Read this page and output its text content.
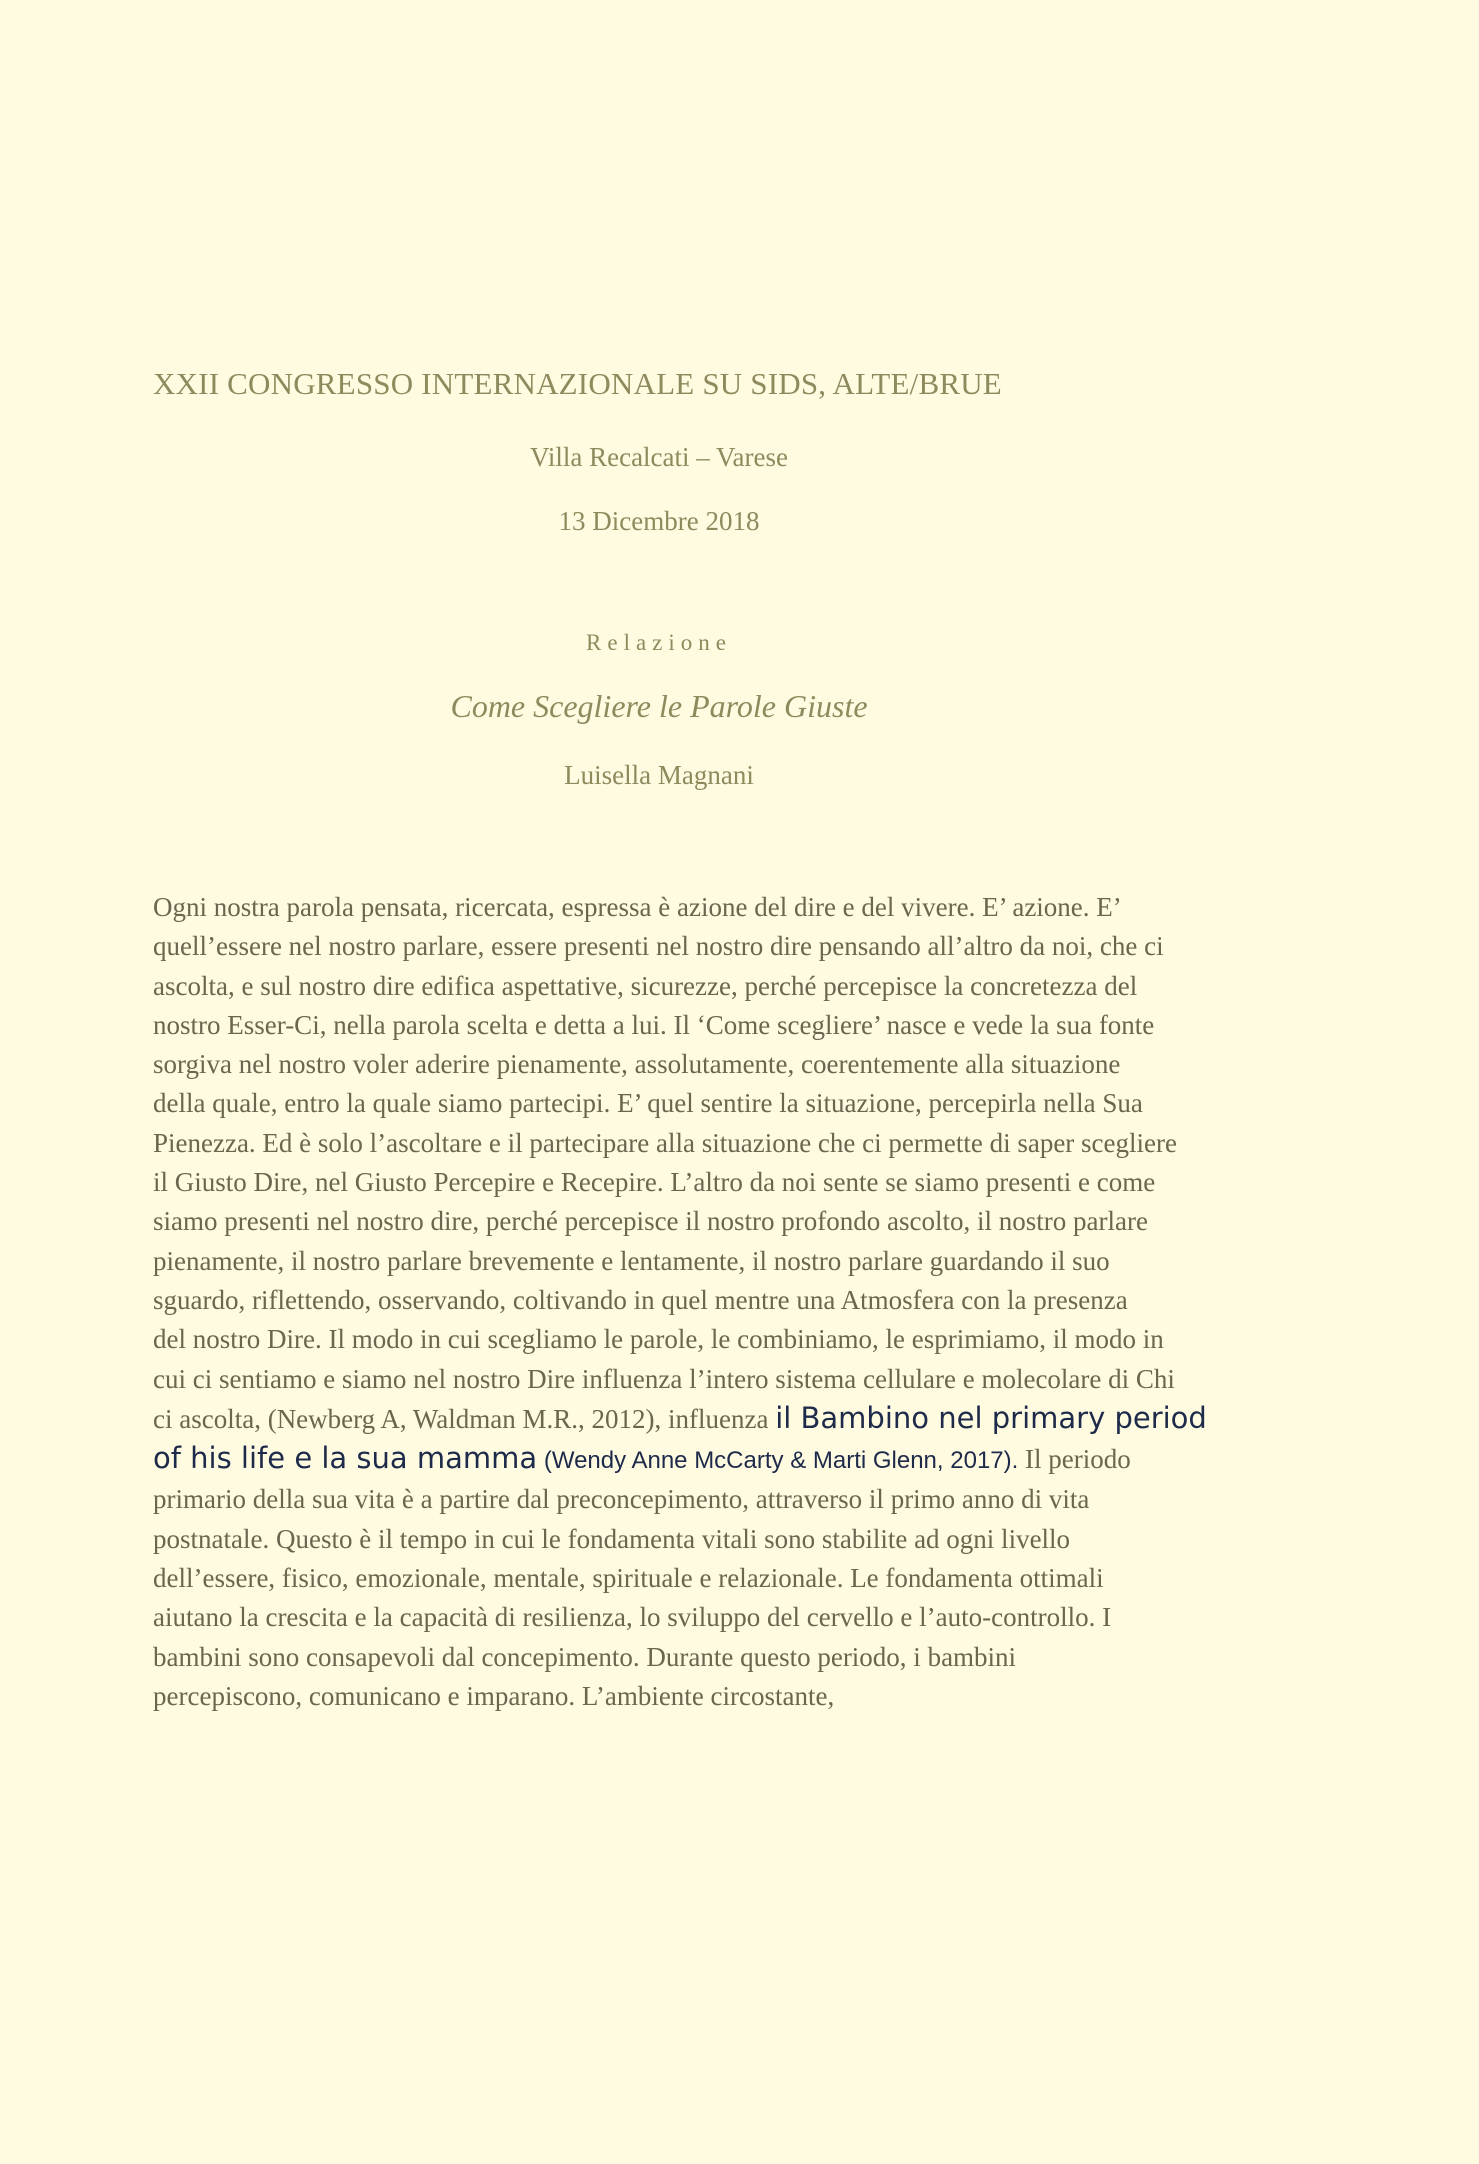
XXII CONGRESSO INTERNAZIONALE SU SIDS, ALTE/BRUE

Villa Recalcati – Varese

13 Dicembre 2018

Relazione

Come Scegliere le Parole Giuste

Luisella Magnani

Ogni nostra parola pensata, ricercata, espressa è azione del dire e del vivere. E’ azione. E’
quell’essere nel nostro parlare, essere presenti nel nostro dire pensando all’altro da noi, che ci
ascolta, e sul nostro dire edifica aspettative, sicurezze, perché percepisce la concretezza del
nostro Esser-Ci, nella parola scelta e detta a lui. Il ‘Come scegliere’ nasce e vede la sua fonte
sorgiva nel nostro voler aderire pienamente, assolutamente, coerentemente alla situazione
della quale, entro la quale siamo partecipi. E’ quel sentire la situazione, percepirla nella Sua
Pienezza. Ed è solo l’ascoltare e il partecipare alla situazione che ci permette di saper scegliere
il Giusto Dire, nel Giusto Percepire e Recepire. L’altro da noi sente se siamo presenti e come
siamo presenti nel nostro dire, perché percepisce il nostro profondo ascolto, il nostro parlare
pienamente, il nostro parlare brevemente e lentamente, il nostro parlare guardando il suo
sguardo, riflettendo, osservando, coltivando in quel mentre una Atmosfera con la presenza
del nostro Dire. Il modo in cui scegliamo le parole, le combiniamo, le esprimiamo, il modo in
cui ci sentiamo e siamo nel nostro Dire influenza l’intero sistema cellulare e molecolare di Chi
ci ascolta, (Newberg A, Waldman M.R., 2012), influenza il Bambino nel primary period
of his life e la sua mamma (Wendy Anne McCarty & Marti Glenn, 2017). Il periodo
primario della sua vita è a partire dal preconcepimento, attraverso il primo anno di vita
postnatale. Questo è il tempo in cui le fondamenta vitali sono stabilite ad ogni livello
dell’essere, fisico, emozionale, mentale, spirituale e relazionale. Le fondamenta ottimali
aiutano la crescita e la capacità di resilienza, lo sviluppo del cervello e l’auto-controllo. I
bambini sono consapevoli dal concepimento. Durante questo periodo, i bambini
percepiscono, comunicano e imparano. L’ambiente circostante,
